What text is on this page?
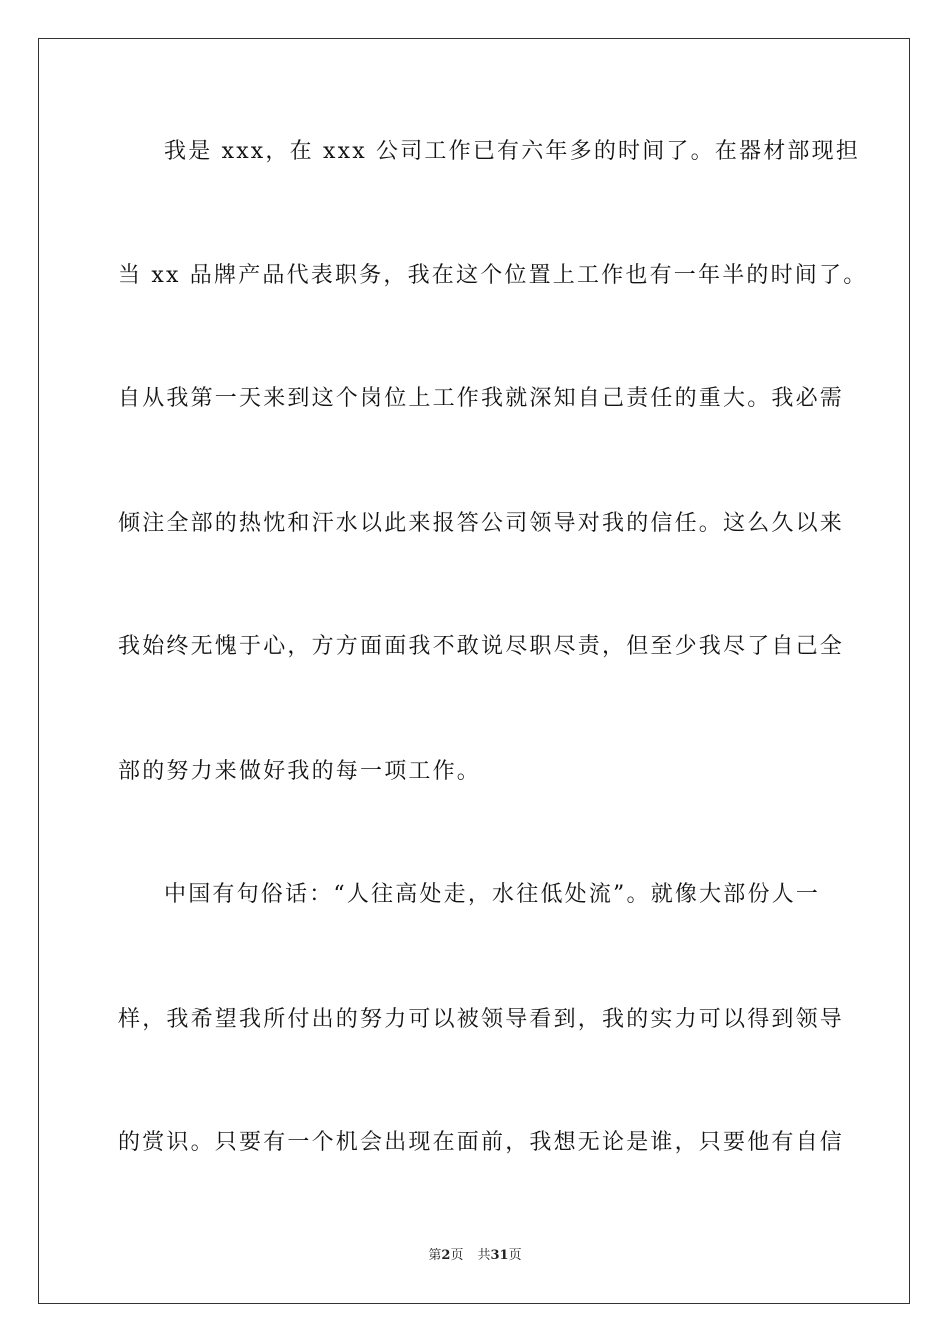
我是 xxx，在 xxx 公司工作已有六年多的时间了。在器材部现担
当 xx 品牌产品代表职务，我在这个位置上工作也有一年半的时间了。
自从我第一天来到这个岗位上工作我就深知自己责任的重大。我必需
倾注全部的热忱和汗水以此来报答公司领导对我的信任。这么久以来
我始终无愧于心，方方面面我不敢说尽职尽责，但至少我尽了自己全
部的努力来做好我的每一项工作。
中国有句俗话：“人往高处走，水往低处流”。就像大部份人一
样，我希望我所付出的努力可以被领导看到，我的实力可以得到领导
的赏识。只要有一个机会出现在面前，我想无论是谁，只要他有自信
第2页 共31页
